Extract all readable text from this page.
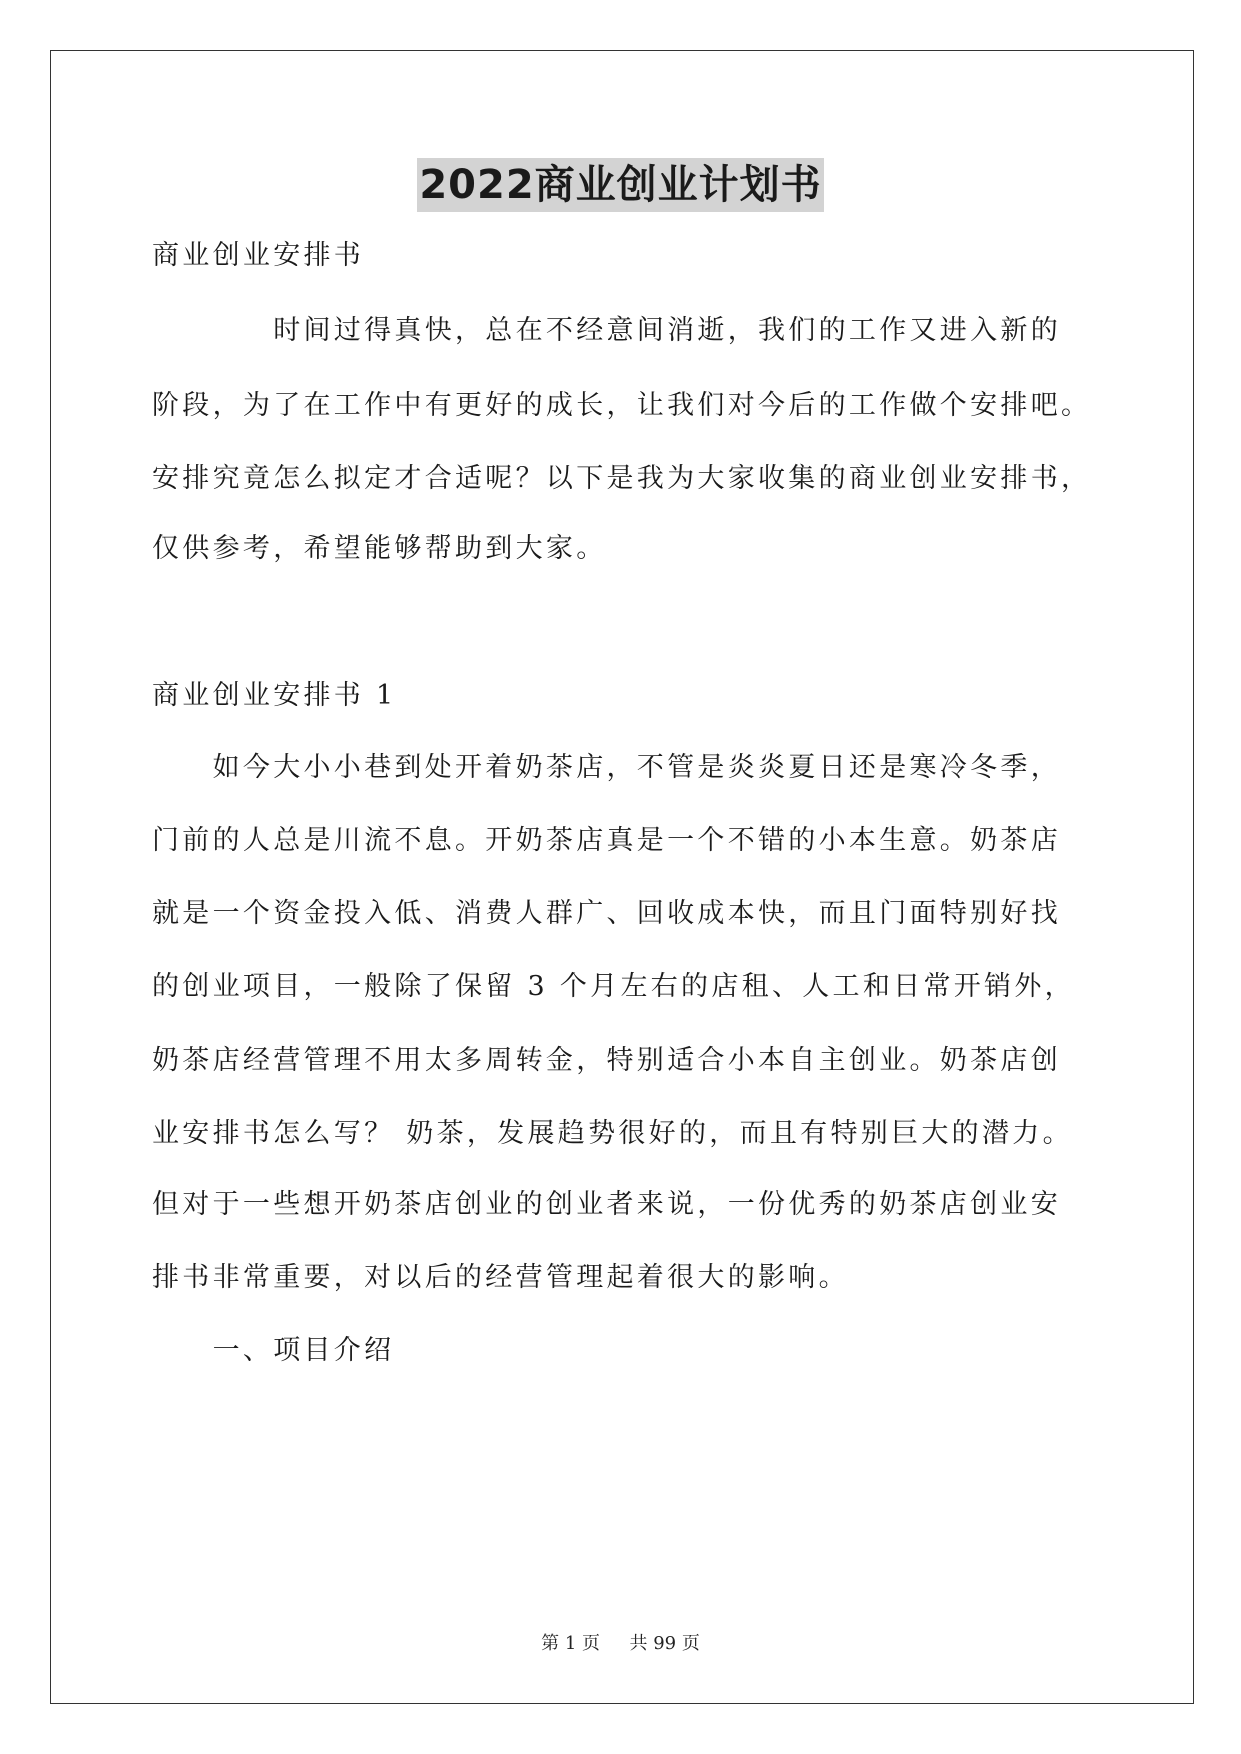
2022商业创业计划书
商业创业安排书
　　　　时间过得真快，总在不经意间消逝，我们的工作又进入新的
阶段，为了在工作中有更好的成长，让我们对今后的工作做个安排吧。
安排究竟怎么拟定才合适呢？以下是我为大家收集的商业创业安排书，
仅供参考，希望能够帮助到大家。
商业创业安排书 1
　　如今大小小巷到处开着奶茶店，不管是炎炎夏日还是寒冷冬季，
门前的人总是川流不息。开奶茶店真是一个不错的小本生意。奶茶店
就是一个资金投入低、消费人群广、回收成本快，而且门面特别好找
的创业项目，一般除了保留 3 个月左右的店租、人工和日常开销外，
奶茶店经营管理不用太多周转金，特别适合小本自主创业。奶茶店创
业安排书怎么写？ 奶茶，发展趋势很好的，而且有特别巨大的潜力。
但对于一些想开奶茶店创业的创业者来说，一份优秀的奶茶店创业安
排书非常重要，对以后的经营管理起着很大的影响。
　　一、项目介绍
第 1 页 共 99 页
